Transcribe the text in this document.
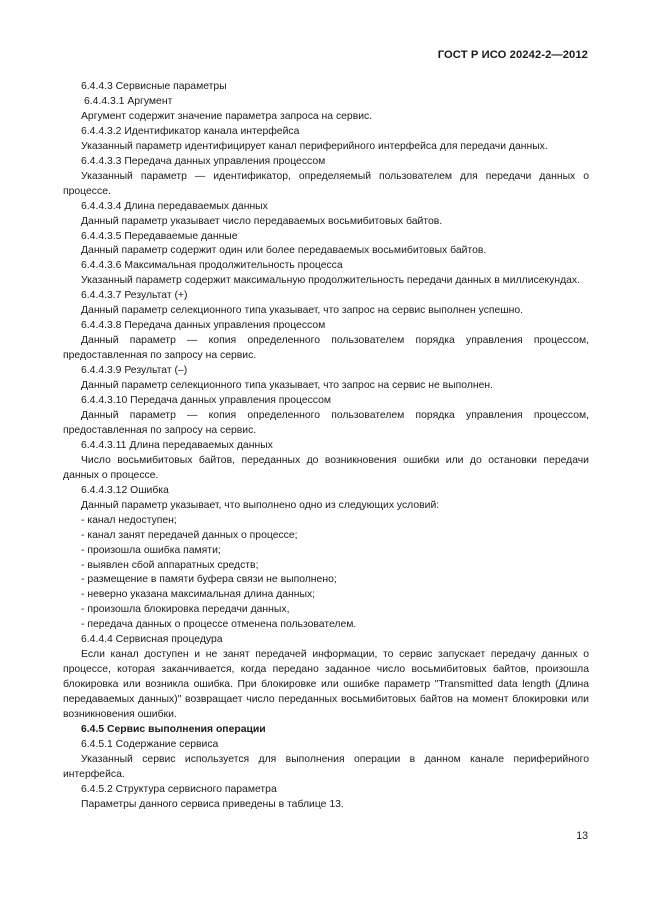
ГОСТ Р ИСО 20242-2—2012

6.4.4.3 Сервисные параметры

6.4.4.3.1 Аргумент

Аргумент содержит значение параметра запроса на сервис.

6.4.4.3.2 Идентификатор канала интерфейса

Указанный параметр идентифицирует канал периферийного интерфейса для передачи данных.

6.4.4.3.3 Передача данных управления процессом

Указанный параметр — идентификатор, определяемый пользователем для передачи данных о процессе.

6.4.4.3.4 Длина передаваемых данных

Данный параметр указывает число передаваемых восьмибитовых байтов.

6.4.4.3.5 Передаваемые данные

Данный параметр содержит один или более передаваемых восьмибитовых байтов.

6.4.4.3.6 Максимальная продолжительность процесса

Указанный параметр содержит максимальную продолжительность передачи данных в миллисекундах.

6.4.4.3.7 Результат (+)

Данный параметр селекционного типа указывает, что запрос на сервис выполнен успешно.

6.4.4.3.8 Передача данных управления процессом

Данный параметр — копия определенного пользователем порядка управления процессом, предоставленная по запросу на сервис.

6.4.4.3.9 Результат (–)

Данный параметр селекционного типа указывает, что запрос на сервис не выполнен.

6.4.4.3.10 Передача данных управления процессом

Данный параметр — копия определенного пользователем порядка управления процессом, предоставленная по запросу на сервис.

6.4.4.3.11 Длина передаваемых данных

Число восьмибитовых байтов, переданных до возникновения ошибки или до остановки передачи данных о процессе.

6.4.4.3.12 Ошибка

Данный параметр указывает, что выполнено одно из следующих условий:

- канал недоступен;

- канал занят передачей данных о процессе;

- произошла ошибка памяти;

- выявлен сбой аппаратных средств;

- размещение в памяти буфера связи не выполнено;

- неверно указана максимальная длина данных;

- произошла блокировка передачи данных,

- передача данных о процессе отменена пользователем.

6.4.4.4 Сервисная процедура

Если канал доступен и не занят передачей информации, то сервис запускает передачу данных о процессе, которая заканчивается, когда передано заданное число восьмибитовых байтов, произошла блокировка или возникла ошибка. При блокировке или ошибке параметр "Transmitted data length (Длина передаваемых данных)" возвращает число переданных восьмибитовых байтов на момент блокировки или возникновения ошибки.

6.4.5 Сервис выполнения операции

6.4.5.1 Содержание сервиса

Указанный сервис используется для выполнения операции в данном канале периферийного интерфейса.

6.4.5.2 Структура сервисного параметра

Параметры данного сервиса приведены в таблице 13.

13
